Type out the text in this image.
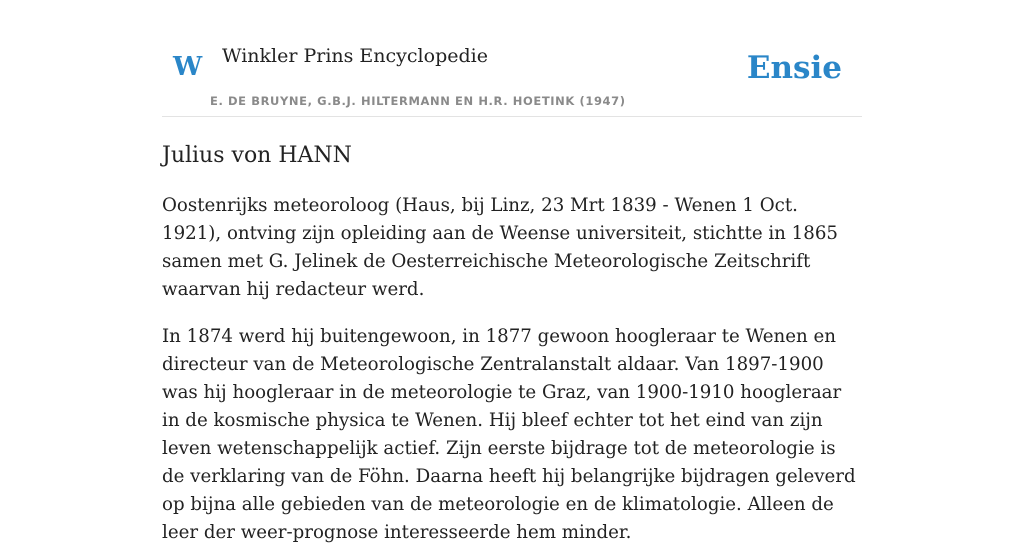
W Winkler Prins Encyclopedie
E. DE BRUYNE, G.B.J. HILTERMANN EN H.R. HOETINK (1947)
Ensie
Julius von HANN

Oostenrijks meteoroloog (Haus, bij Linz, 23 Mrt 1839 - Wenen 1 Oct. 1921), ontving zijn opleiding aan de Weense universiteit, stichtte in 1865 samen met G. Jelinek de Oesterreichische Meteorologische Zeitschrift waarvan hij redacteur werd.

In 1874 werd hij buitengewoon, in 1877 gewoon hoogleraar te Wenen en directeur van de Meteorologische Zentralanstalt aldaar. Van 1897-1900 was hij hoogleraar in de meteorologie te Graz, van 1900-1910 hoogleraar in de kosmische physica te Wenen. Hij bleef echter tot het eind van zijn leven wetenschappelijk actief. Zijn eerste bijdrage tot de meteorologie is de verklaring van de Föhn. Daarna heeft hij belangrijke bijdragen geleverd op bijna alle gebieden van de meteorologie en de klimatologie. Alleen de leer der weer-prognose interesseerde hem minder.
